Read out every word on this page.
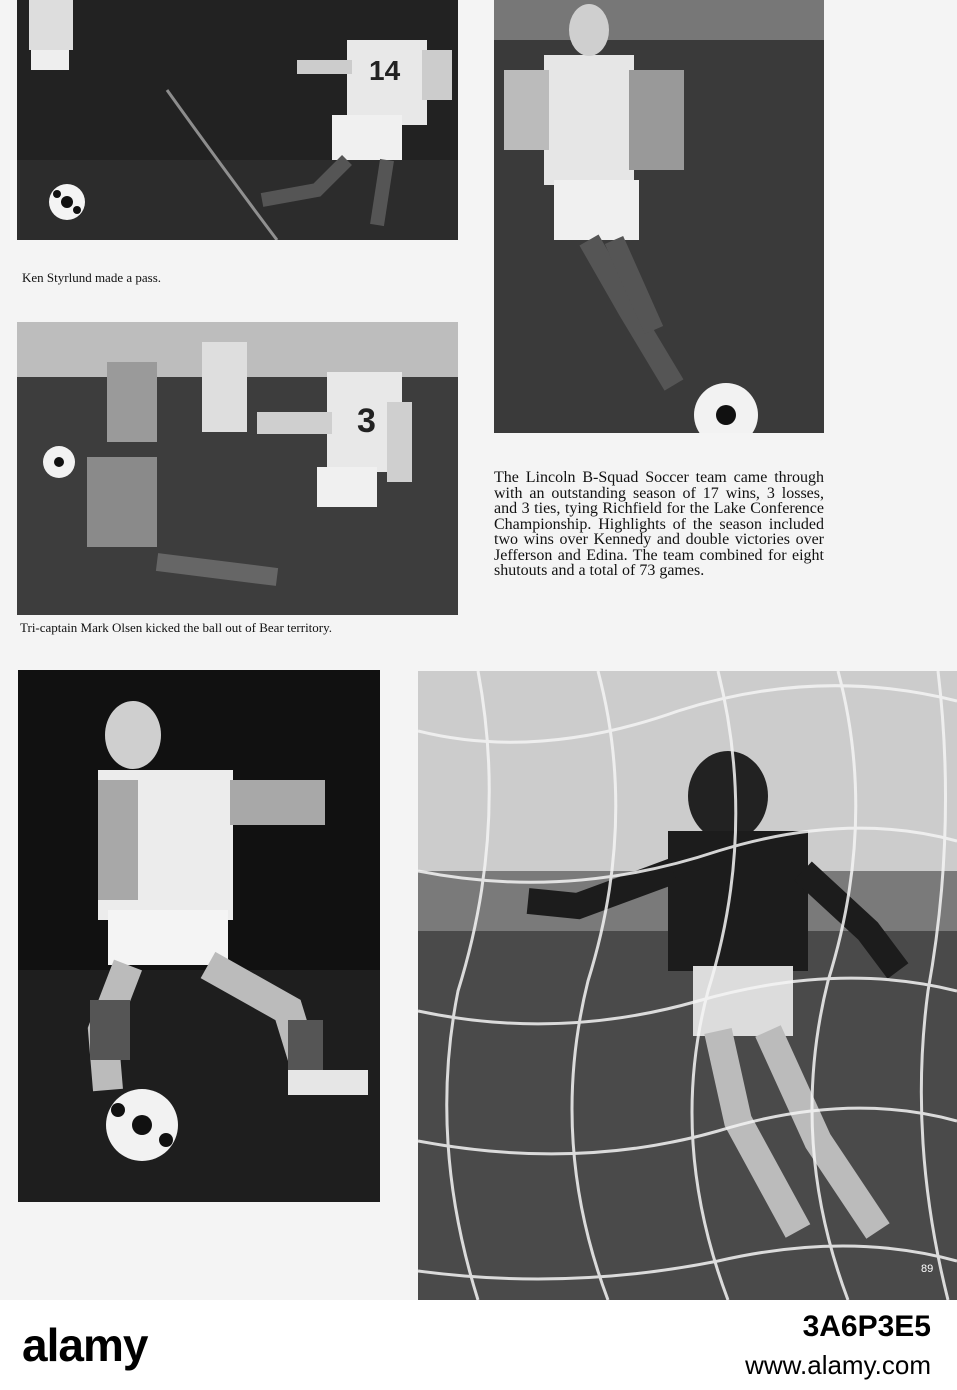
14
Ken Styrlund made a pass.
3
Tri-captain Mark Olsen kicked the ball out of Bear territory.
The Lincoln B-Squad Soccer team came through with an outstanding season of 17 wins, 3 losses, and 3 ties, tying Richfield for the Lake Conference Championship. Highlights of the season included two wins over Kennedy and double victories over Jefferson and Edina. The team combined for eight shutouts and a total of 73 games.
89
alamy	3A6P3E5
www.alamy.com
